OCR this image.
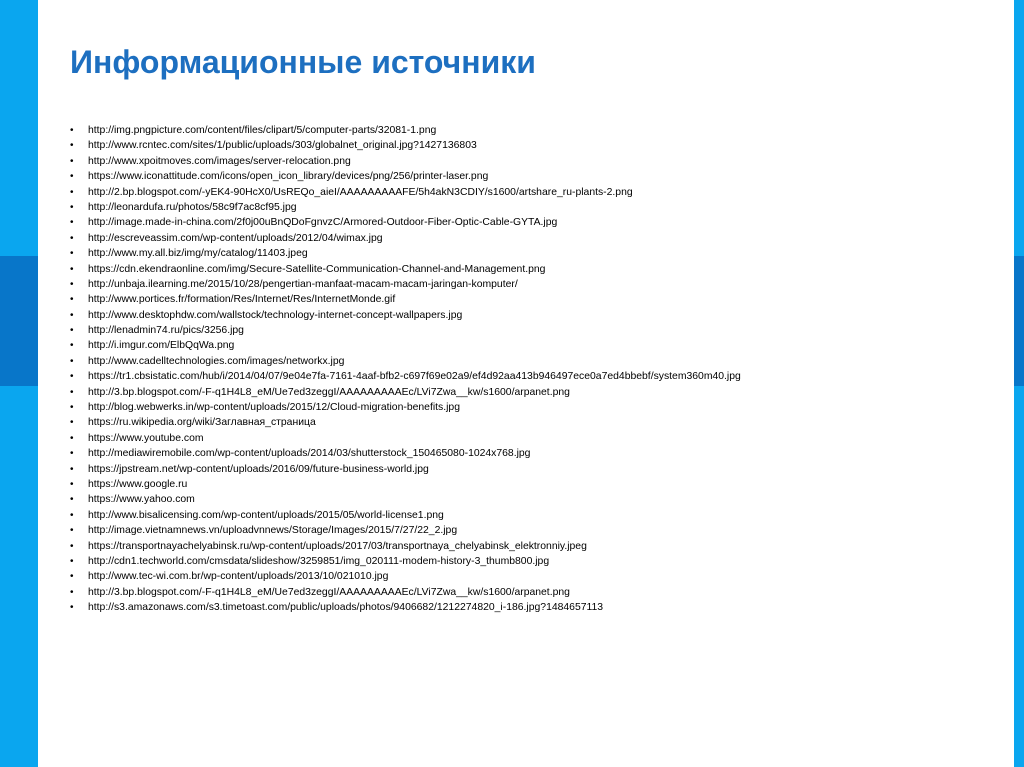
Информационные источники
• http://img.pngpicture.com/content/files/clipart/5/computer-parts/32081-1.png
• http://www.rcntec.com/sites/1/public/uploads/303/globalnet_original.jpg?1427136803
• http://www.xpoitmoves.com/images/server-relocation.png
• https://www.iconattitude.com/icons/open_icon_library/devices/png/256/printer-laser.png
• http://2.bp.blogspot.com/-yEK4-90HcX0/UsREQo_aieI/AAAAAAAAAFE/5h4akN3CDIY/s1600/artshare_ru-plants-2.png
• http://leonardufa.ru/photos/58c9f7ac8cf95.jpg
• http://image.made-in-china.com/2f0j00uBnQDoFgnvzC/Armored-Outdoor-Fiber-Optic-Cable-GYTA.jpg
• http://escreveassim.com/wp-content/uploads/2012/04/wimax.jpg
• http://www.my.all.biz/img/my/catalog/11403.jpeg
• https://cdn.ekendraonline.com/img/Secure-Satellite-Communication-Channel-and-Management.png
• http://unbaja.ilearning.me/2015/10/28/pengertian-manfaat-macam-macam-jaringan-komputer/
• http://www.portices.fr/formation/Res/Internet/Res/InternetMonde.gif
• http://www.desktophdw.com/wallstock/technology-internet-concept-wallpapers.jpg
• http://lenadmin74.ru/pics/3256.jpg
• http://i.imgur.com/ElbQqWa.png
• http://www.cadelltechnologies.com/images/networkx.jpg
• https://tr1.cbsistatic.com/hub/i/2014/04/07/9e04e7fa-7161-4aaf-bfb2-c697f69e02a9/ef4d92aa413b946497ece0a7ed4bbebf/system360m40.jpg
• http://3.bp.blogspot.com/-F-q1H4L8_eM/Ue7ed3zeggI/AAAAAAAAAEc/LVi7Zwa__kw/s1600/arpanet.png
• http://blog.webwerks.in/wp-content/uploads/2015/12/Cloud-migration-benefits.jpg
• https://ru.wikipedia.org/wiki/Заглавная_страница
• https://www.youtube.com
• http://mediawiremobile.com/wp-content/uploads/2014/03/shutterstock_150465080-1024x768.jpg
• https://jpstream.net/wp-content/uploads/2016/09/future-business-world.jpg
• https://www.google.ru
• https://www.yahoo.com
• http://www.bisalicensing.com/wp-content/uploads/2015/05/world-license1.png
• http://image.vietnamnews.vn/uploadvnnews/Storage/Images/2015/7/27/22_2.jpg
• https://transportnayachelyabinsk.ru/wp-content/uploads/2017/03/transportnaya_chelyabinsk_elektronniy.jpeg
• http://cdn1.techworld.com/cmsdata/slideshow/3259851/img_020111-modem-history-3_thumb800.jpg
• http://www.tec-wi.com.br/wp-content/uploads/2013/10/021010.jpg
• http://3.bp.blogspot.com/-F-q1H4L8_eM/Ue7ed3zeggI/AAAAAAAAAEc/LVi7Zwa__kw/s1600/arpanet.png
• http://s3.amazonaws.com/s3.timetoast.com/public/uploads/photos/9406682/1212274820_i-186.jpg?1484657113
